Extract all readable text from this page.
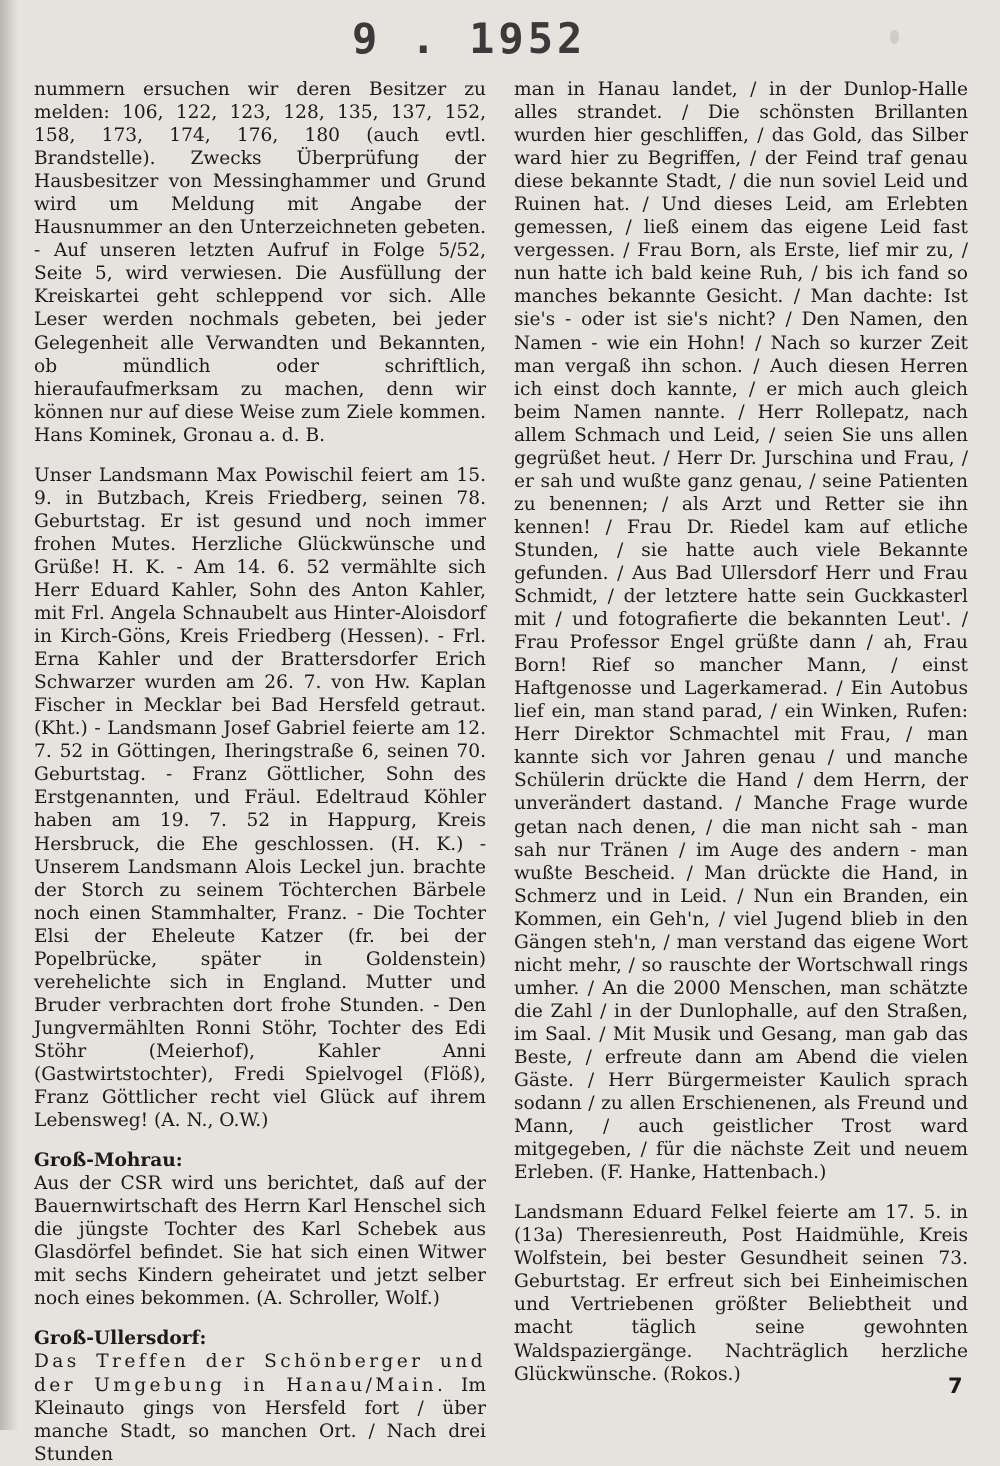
9 . 1952

nummern ersuchen wir deren Besitzer zu melden: 106, 122, 123, 128, 135, 137, 152, 158, 173, 174, 176, 180 (auch evtl. Brandstelle). Zwecks Überprüfung der Hausbesitzer von Messinghammer und Grund wird um Meldung mit Angabe der Hausnummer an den Unterzeichneten gebeten. - Auf unseren letzten Aufruf in Folge 5/52, Seite 5, wird verwiesen. Die Ausfüllung der Kreiskartei geht schleppend vor sich. Alle Leser werden nochmals gebeten, bei jeder Gelegenheit alle Verwandten und Bekannten, ob mündlich oder schriftlich, hieraufaufmerksam zu machen, denn wir können nur auf diese Weise zum Ziele kommen. Hans Kominek, Gronau a. d. B.

Unser Landsmann Max Powischil feiert am 15. 9. in Butzbach, Kreis Friedberg, seinen 78. Geburtstag. Er ist gesund und noch immer frohen Mutes. Herzliche Glückwünsche und Grüße! H. K. - Am 14. 6. 52 vermählte sich Herr Eduard Kahler, Sohn des Anton Kahler, mit Frl. Angela Schnaubelt aus Hinter-Aloisdorf in Kirch-Göns, Kreis Friedberg (Hessen). - Frl. Erna Kahler und der Brattersdorfer Erich Schwarzer wurden am 26. 7. von Hw. Kaplan Fischer in Mecklar bei Bad Hersfeld getraut. (Kht.) - Landsmann Josef Gabriel feierte am 12. 7. 52 in Göttingen, Iheringstraße 6, seinen 70. Geburtstag. - Franz Göttlicher, Sohn des Erstgenannten, und Fräul. Edeltraud Köhler haben am 19. 7. 52 in Happurg, Kreis Hersbruck, die Ehe geschlossen. (H. K.) - Unserem Landsmann Alois Leckel jun. brachte der Storch zu seinem Töchterchen Bärbele noch einen Stammhalter, Franz. - Die Tochter Elsi der Eheleute Katzer (fr. bei der Popelbrücke, später in Goldenstein) verehelichte sich in England. Mutter und Bruder verbrachten dort frohe Stunden. - Den Jungvermählten Ronni Stöhr, Tochter des Edi Stöhr (Meierhof), Kahler Anni (Gastwirtstochter), Fredi Spielvogel (Flöß), Franz Göttlicher recht viel Glück auf ihrem Lebensweg! (A. N., O.W.)

Groß-Mohrau:

Aus der CSR wird uns berichtet, daß auf der Bauernwirtschaft des Herrn Karl Henschel sich die jüngste Tochter des Karl Schebek aus Glasdörfel befindet. Sie hat sich einen Witwer mit sechs Kindern geheiratet und jetzt selber noch eines bekommen. (A. Schroller, Wolf.)

Groß-Ullersdorf:

Das Treffen der Schönberger und der Umgebung in Hanau/Main. Im Kleinauto gings von Hersfeld fort / über manche Stadt, so manchen Ort. / Nach drei Stunden

man in Hanau landet, / in der Dunlop-Halle alles strandet. / Die schönsten Brillanten wurden hier geschliffen, / das Gold, das Silber ward hier zu Begriffen, / der Feind traf genau diese bekannte Stadt, / die nun soviel Leid und Ruinen hat. / Und dieses Leid, am Erlebten gemessen, / ließ einem das eigene Leid fast vergessen. / Frau Born, als Erste, lief mir zu, / nun hatte ich bald keine Ruh, / bis ich fand so manches bekannte Gesicht. / Man dachte: Ist sie's - oder ist sie's nicht? / Den Namen, den Namen - wie ein Hohn! / Nach so kurzer Zeit man vergaß ihn schon. / Auch diesen Herren ich einst doch kannte, / er mich auch gleich beim Namen nannte. / Herr Rollepatz, nach allem Schmach und Leid, / seien Sie uns allen gegrüßet heut. / Herr Dr. Jurschina und Frau, / er sah und wußte ganz genau, / seine Patienten zu benennen; / als Arzt und Retter sie ihn kennen! / Frau Dr. Riedel kam auf etliche Stunden, / sie hatte auch viele Bekannte gefunden. / Aus Bad Ullersdorf Herr und Frau Schmidt, / der letztere hatte sein Guckkasterl mit / und fotografierte die bekannten Leut'. / Frau Professor Engel grüßte dann / ah, Frau Born! Rief so mancher Mann, / einst Haftgenosse und Lagerkamerad. / Ein Autobus lief ein, man stand parad, / ein Winken, Rufen: Herr Direktor Schmachtel mit Frau, / man kannte sich vor Jahren genau / und manche Schülerin drückte die Hand / dem Herrn, der unverändert dastand. / Manche Frage wurde getan nach denen, / die man nicht sah - man sah nur Tränen / im Auge des andern - man wußte Bescheid. / Man drückte die Hand, in Schmerz und in Leid. / Nun ein Branden, ein Kommen, ein Geh'n, / viel Jugend blieb in den Gängen steh'n, / man verstand das eigene Wort nicht mehr, / so rauschte der Wortschwall rings umher. / An die 2000 Menschen, man schätzte die Zahl / in der Dunlophalle, auf den Straßen, im Saal. / Mit Musik und Gesang, man gab das Beste, / erfreute dann am Abend die vielen Gäste. / Herr Bürgermeister Kaulich sprach sodann / zu allen Erschienenen, als Freund und Mann, / auch geistlicher Trost ward mitgegeben, / für die nächste Zeit und neuem Erleben. (F. Hanke, Hattenbach.)

Landsmann Eduard Felkel feierte am 17. 5. in (13a) Theresienreuth, Post Haidmühle, Kreis Wolfstein, bei bester Gesundheit seinen 73. Geburtstag. Er erfreut sich bei Einheimischen und Vertriebenen größter Beliebtheit und macht täglich seine gewohnten Waldspaziergänge. Nachträglich herzliche Glückwünsche. (Rokos.)	7
